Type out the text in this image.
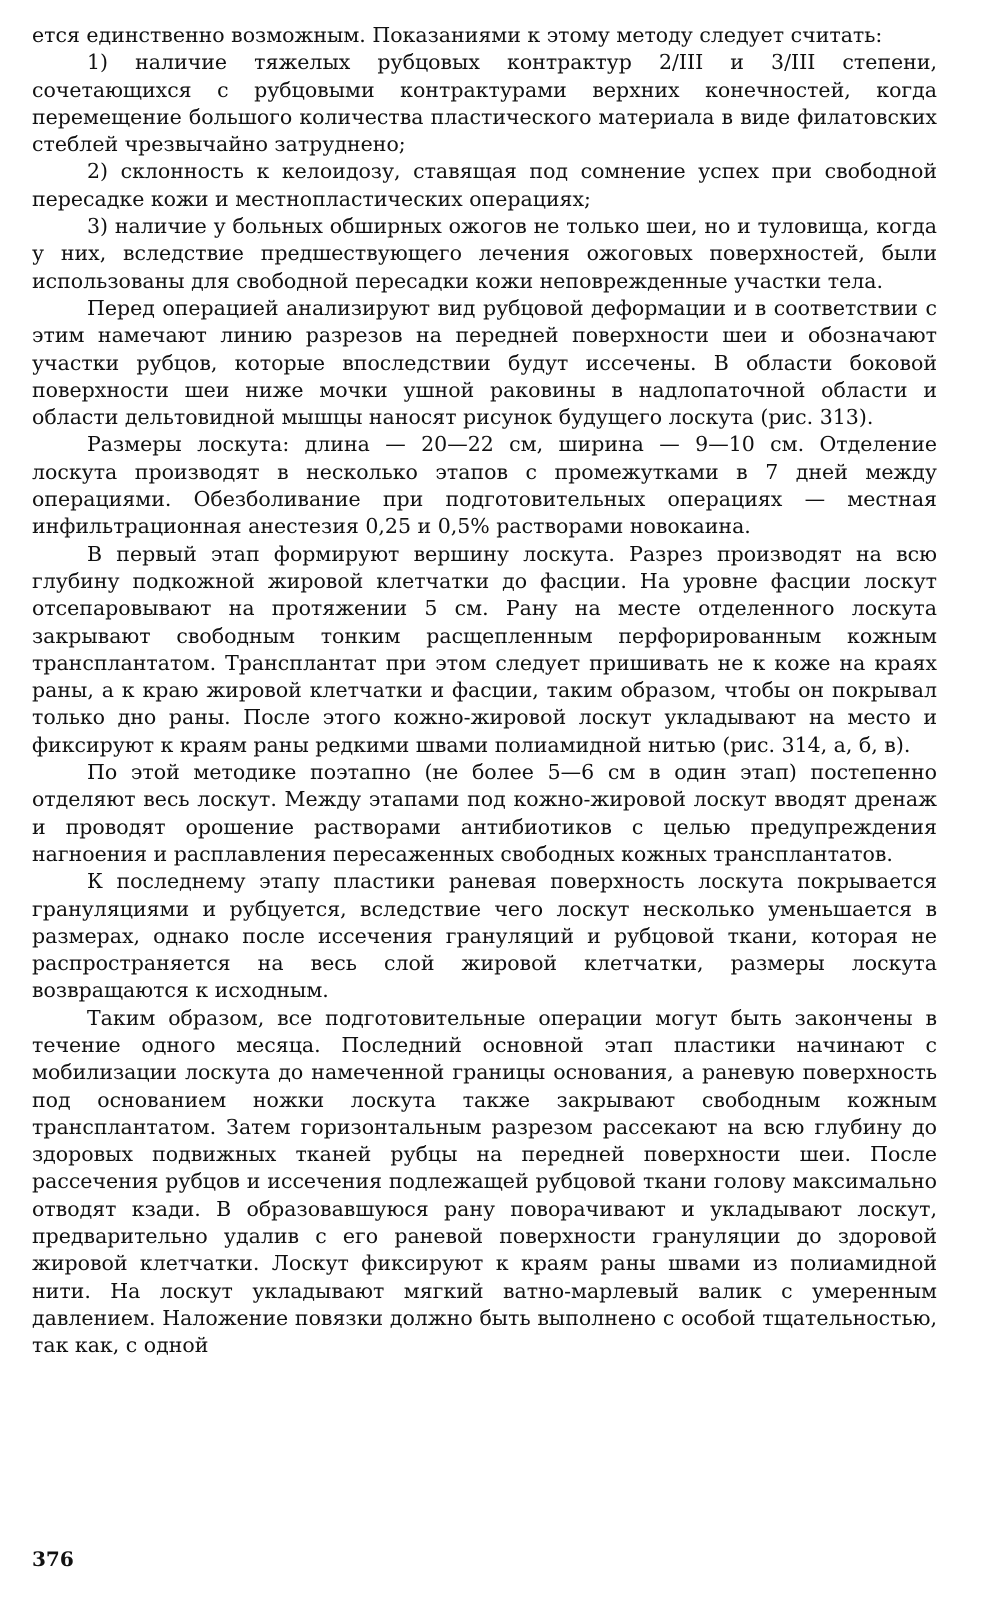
ется единственно возможным. Показаниями к этому методу следует считать:

1) наличие тяжелых рубцовых контрактур 2/III и 3/III степени, сочетающихся с рубцовыми контрактурами верхних конечностей, когда перемещение большого количества пластического материала в виде филатовских стеблей чрезвычайно затруднено;

2) склонность к келоидозу, ставящая под сомнение успех при свободной пересадке кожи и местнопластических операциях;

3) наличие у больных обширных ожогов не только шеи, но и туловища, когда у них, вследствие предшествующего лечения ожоговых поверхностей, были использованы для свободной пересадки кожи неповрежденные участки тела.

Перед операцией анализируют вид рубцовой деформации и в соответствии с этим намечают линию разрезов на передней поверхности шеи и обозначают участки рубцов, которые впоследствии будут иссечены. В области боковой поверхности шеи ниже мочки ушной раковины в надлопаточной области и области дельтовидной мышцы наносят рисунок будущего лоскута (рис. 313).

Размеры лоскута: длина — 20—22 см, ширина — 9—10 см. Отделение лоскута производят в несколько этапов с промежутками в 7 дней между операциями. Обезболивание при подготовительных операциях — местная инфильтрационная анестезия 0,25 и 0,5% растворами новокаина.

В первый этап формируют вершину лоскута. Разрез производят на всю глубину подкожной жировой клетчатки до фасции. На уровне фасции лоскут отсепаровывают на протяжении 5 см. Рану на месте отделенного лоскута закрывают свободным тонким расщепленным перфорированным кожным трансплантатом. Трансплантат при этом следует пришивать не к коже на краях раны, а к краю жировой клетчатки и фасции, таким образом, чтобы он покрывал только дно раны. После этого кожно-жировой лоскут укладывают на место и фиксируют к краям раны редкими швами полиамидной нитью (рис. 314, а, б, в).

По этой методике поэтапно (не более 5—6 см в один этап) постепенно отделяют весь лоскут. Между этапами под кожно-жировой лоскут вводят дренаж и проводят орошение растворами антибиотиков с целью предупреждения нагноения и расплавления пересаженных свободных кожных трансплантатов.

К последнему этапу пластики раневая поверхность лоскута покрывается грануляциями и рубцуется, вследствие чего лоскут несколько уменьшается в размерах, однако после иссечения грануляций и рубцовой ткани, которая не распространяется на весь слой жировой клетчатки, размеры лоскута возвращаются к исходным.

Таким образом, все подготовительные операции могут быть закончены в течение одного месяца. Последний основной этап пластики начинают с мобилизации лоскута до намеченной границы основания, а раневую поверхность под основанием ножки лоскута также закрывают свободным кожным трансплантатом. Затем горизонтальным разрезом рассекают на всю глубину до здоровых подвижных тканей рубцы на передней поверхности шеи. После рассечения рубцов и иссечения подлежащей рубцовой ткани голову максимально отводят кзади. В образовавшуюся рану поворачивают и укладывают лоскут, предварительно удалив с его раневой поверхности грануляции до здоровой жировой клетчатки. Лоскут фиксируют к краям раны швами из полиамидной нити. На лоскут укладывают мягкий ватно-марлевый валик с умеренным давлением. Наложение повязки должно быть выполнено с особой тщательностью, так как, с одной

376
